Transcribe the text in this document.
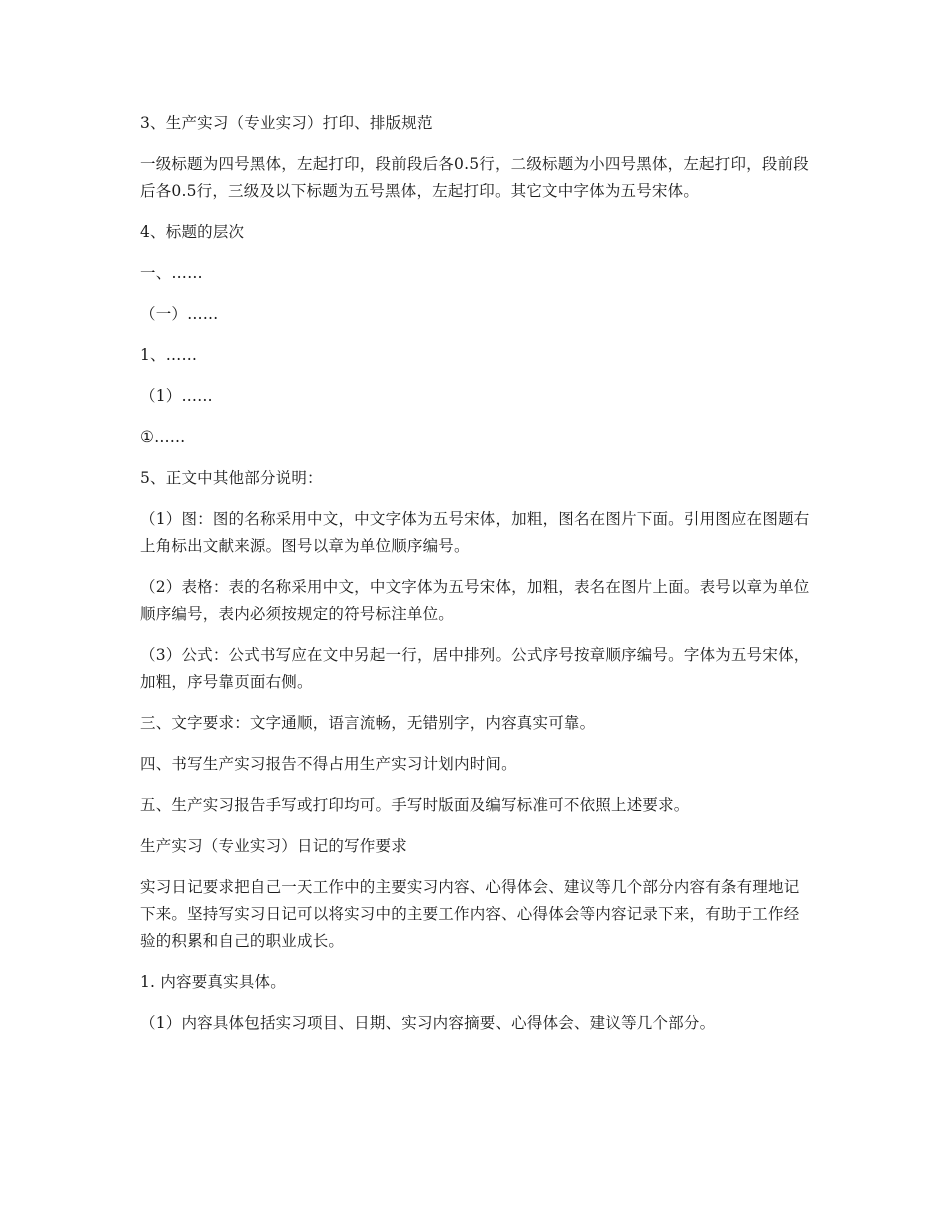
3、生产实习（专业实习）打印、排版规范

一级标题为四号黑体，左起打印，段前段后各0.5行，二级标题为小四号黑体，左起打印，段前段后各0.5行，三级及以下标题为五号黑体，左起打印。其它文中字体为五号宋体。

4、标题的层次

一、……

（一）……

1、……

（1）……

①……

5、正文中其他部分说明：

（1）图：图的名称采用中文，中文字体为五号宋体，加粗，图名在图片下面。引用图应在图题右上角标出文献来源。图号以章为单位顺序编号。

（2）表格：表的名称采用中文，中文字体为五号宋体，加粗，表名在图片上面。表号以章为单位顺序编号，表内必须按规定的符号标注单位。

（3）公式：公式书写应在文中另起一行，居中排列。公式序号按章顺序编号。字体为五号宋体，加粗，序号靠页面右侧。

三、文字要求：文字通顺，语言流畅，无错别字，内容真实可靠。

四、书写生产实习报告不得占用生产实习计划内时间。

五、生产实习报告手写或打印均可。手写时版面及编写标准可不依照上述要求。

生产实习（专业实习）日记的写作要求

实习日记要求把自己一天工作中的主要实习内容、心得体会、建议等几个部分内容有条有理地记下来。坚持写实习日记可以将实习中的主要工作内容、心得体会等内容记录下来，有助于工作经验的积累和自己的职业成长。

1. 内容要真实具体。

（1）内容具体包括实习项目、日期、实习内容摘要、心得体会、建议等几个部分。
